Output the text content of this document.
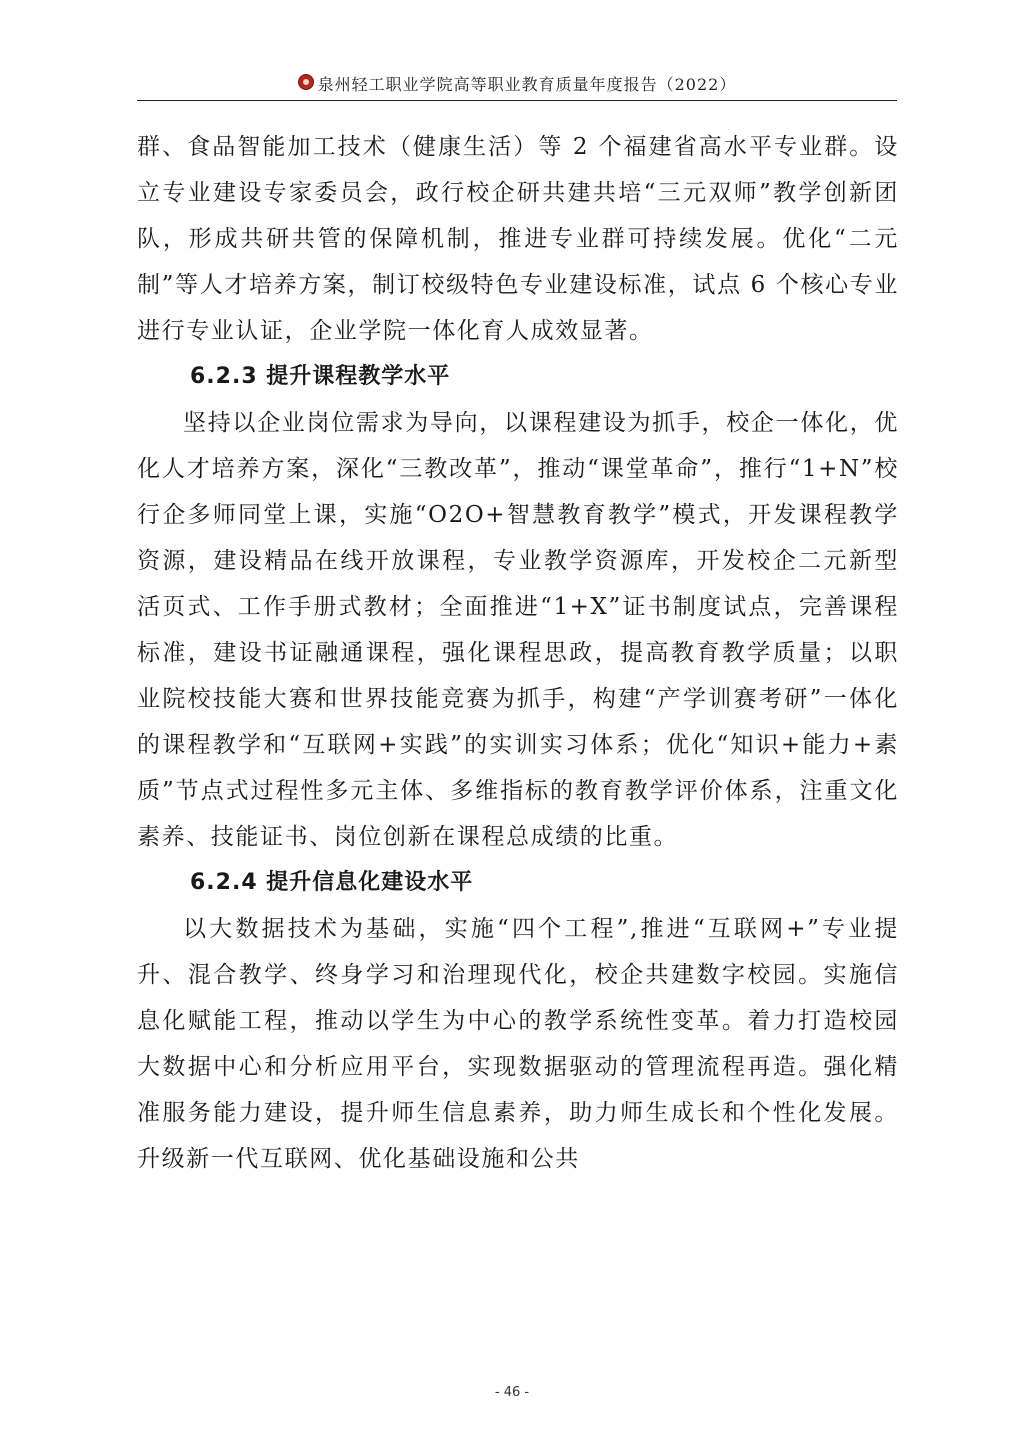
泉州轻工职业学院高等职业教育质量年度报告（2022）

群、食品智能加工技术（健康生活）等 2 个福建省高水平专业群。设立专业建设专家委员会，政行校企研共建共培“三元双师”教学创新团队，形成共研共管的保障机制，推进专业群可持续发展。优化“二元制”等人才培养方案，制订校级特色专业建设标准，试点 6 个核心专业进行专业认证，企业学院一体化育人成效显著。

6.2.3 提升课程教学水平

坚持以企业岗位需求为导向，以课程建设为抓手，校企一体化，优化人才培养方案，深化“三教改革”，推动“课堂革命”，推行“1+N”校行企多师同堂上课，实施“O2O+智慧教育教学”模式，开发课程教学资源，建设精品在线开放课程，专业教学资源库，开发校企二元新型活页式、工作手册式教材；全面推进“1+X”证书制度试点，完善课程标准，建设书证融通课程，强化课程思政，提高教育教学质量；以职业院校技能大赛和世界技能竞赛为抓手，构建“产学训赛考研”一体化的课程教学和“互联网+实践”的实训实习体系；优化“知识+能力+素质”节点式过程性多元主体、多维指标的教育教学评价体系，注重文化素养、技能证书、岗位创新在课程总成绩的比重。

6.2.4 提升信息化建设水平

以大数据技术为基础，实施“四个工程”,推进“互联网+”专业提升、混合教学、终身学习和治理现代化，校企共建数字校园。实施信息化赋能工程，推动以学生为中心的教学系统性变革。着力打造校园大数据中心和分析应用平台，实现数据驱动的管理流程再造。强化精准服务能力建设，提升师生信息素养，助力师生成长和个性化发展。升级新一代互联网、优化基础设施和公共

- 46 -
